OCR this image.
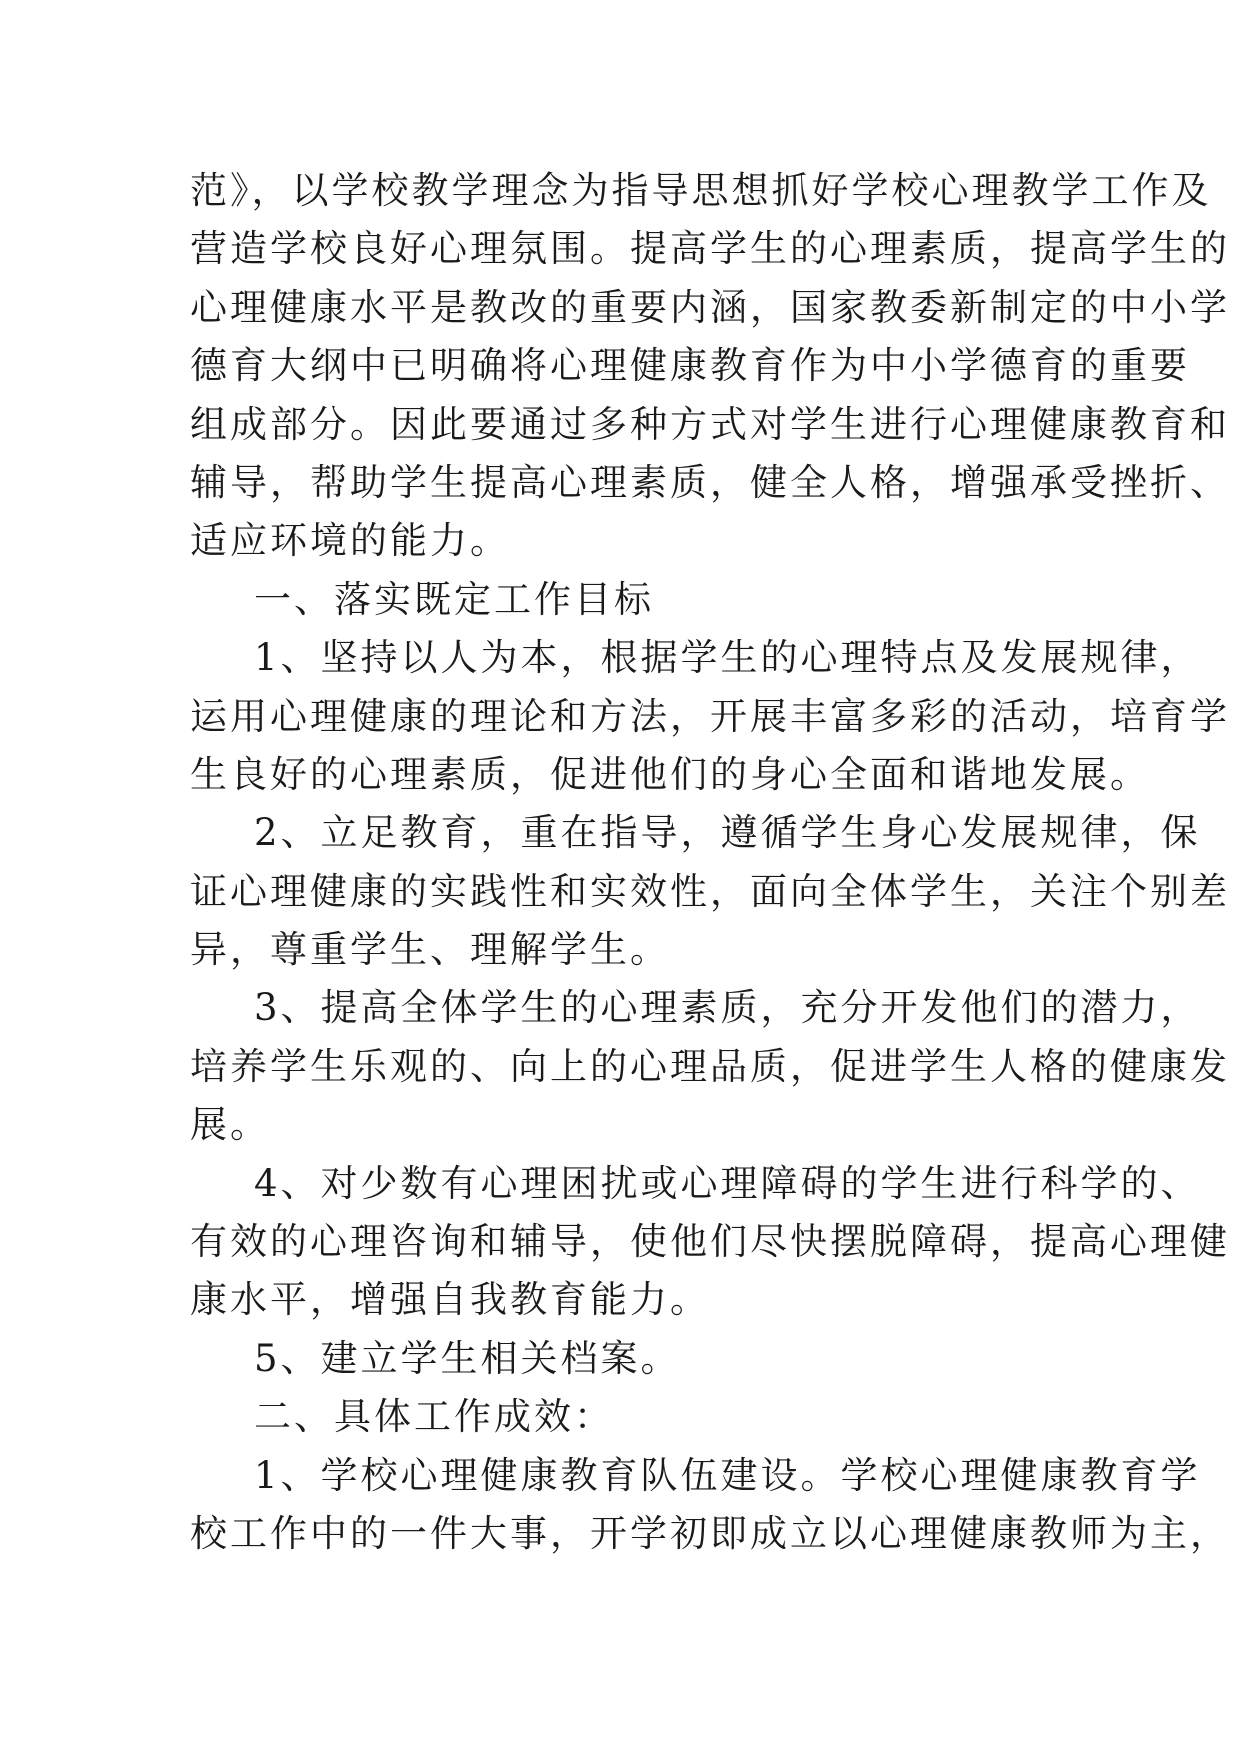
范》，以学校教学理念为指导思想抓好学校心理教学工作及
营造学校良好心理氛围。提高学生的心理素质，提高学生的
心理健康水平是教改的重要内涵，国家教委新制定的中小学
德育大纲中已明确将心理健康教育作为中小学德育的重要
组成部分。因此要通过多种方式对学生进行心理健康教育和
辅导，帮助学生提高心理素质，健全人格，增强承受挫折、
适应环境的能力。
一、落实既定工作目标
1、坚持以人为本，根据学生的心理特点及发展规律，
运用心理健康的理论和方法，开展丰富多彩的活动，培育学
生良好的心理素质，促进他们的身心全面和谐地发展。
2、立足教育，重在指导，遵循学生身心发展规律，保
证心理健康的实践性和实效性，面向全体学生，关注个别差
异，尊重学生、理解学生。
3、提高全体学生的心理素质，充分开发他们的潜力，
培养学生乐观的、向上的心理品质，促进学生人格的健康发
展。
4、对少数有心理困扰或心理障碍的学生进行科学的、
有效的心理咨询和辅导，使他们尽快摆脱障碍，提高心理健
康水平，增强自我教育能力。
5、建立学生相关档案。
二、具体工作成效：
1、学校心理健康教育队伍建设。学校心理健康教育学
校工作中的一件大事，开学初即成立以心理健康教师为主，
